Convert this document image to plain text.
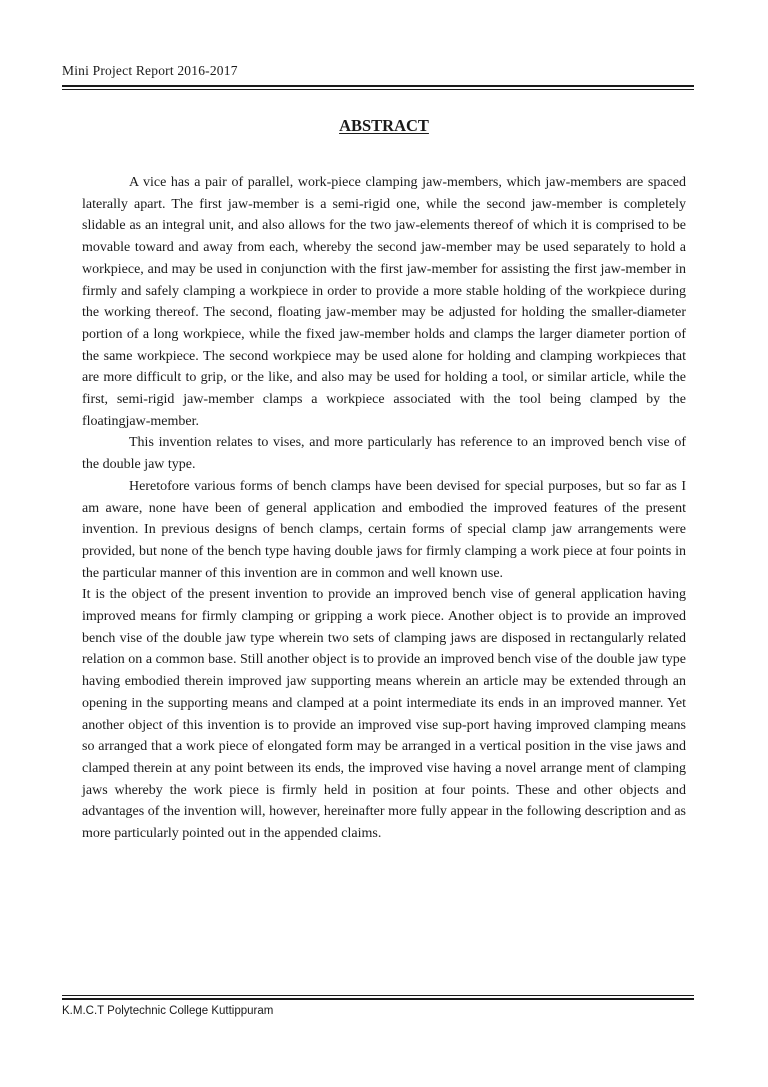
Mini Project Report 2016-2017
ABSTRACT

A vice has a pair of parallel, work-piece clamping jaw-members, which jaw-members are spaced laterally apart. The first jaw-member is a semi-rigid one, while the second jaw-member is completely slidable as an integral unit, and also allows for the two jaw-elements thereof of which it is comprised to be movable toward and away from each, whereby the second jaw-member may be used separately to hold a workpiece, and may be used in conjunction with the first jaw-member for assisting the first jaw-member in firmly and safely clamping a workpiece in order to provide a more stable holding of the workpiece during the working thereof. The second, floating jaw-member may be adjusted for holding the smaller-diameter portion of a long workpiece, while the fixed jaw-member holds and clamps the larger diameter portion of the same workpiece. The second workpiece may be used alone for holding and clamping workpieces that are more difficult to grip, or the like, and also may be used for holding a tool, or similar article, while the first, semi-rigid jaw-member clamps a workpiece associated with the tool being clamped by the floatingjaw-member.

This invention relates to vises, and more particularly has reference to an improved bench vise of the double jaw type.

Heretofore various forms of bench clamps have been devised for special purposes, but so far as I am aware, none have been of general application and embodied the improved features of the present invention. In previous designs of bench clamps, certain forms of special clamp jaw arrangements were provided, but none of the bench type having double jaws for firmly clamping a work piece at four points in the particular manner of this invention are in common and well known use.

It is the object of the present invention to provide an improved bench vise of general application having improved means for firmly clamping or gripping a work piece. Another object is to provide an improved bench vise of the double jaw type wherein two sets of clamping jaws are disposed in rectangularly related relation on a common base. Still another object is to provide an improved bench vise of the double jaw type having embodied therein improved jaw supporting means wherein an article may be extended through an opening in the supporting means and clamped at a point intermediate its ends in an improved manner. Yet another object of this invention is to provide an improved vise sup-port having improved clamping means so arranged that a work piece of elongated form may be arranged in a vertical position in the vise jaws and clamped therein at any point between its ends, the improved vise having a novel arrange ment of clamping jaws whereby the work piece is firmly held in position at four points. These and other objects and advantages of the invention will, however, hereinafter more fully appear in the following description and as more particularly pointed out in the appended claims.

K.M.C.T Polytechnic College Kuttippuram
